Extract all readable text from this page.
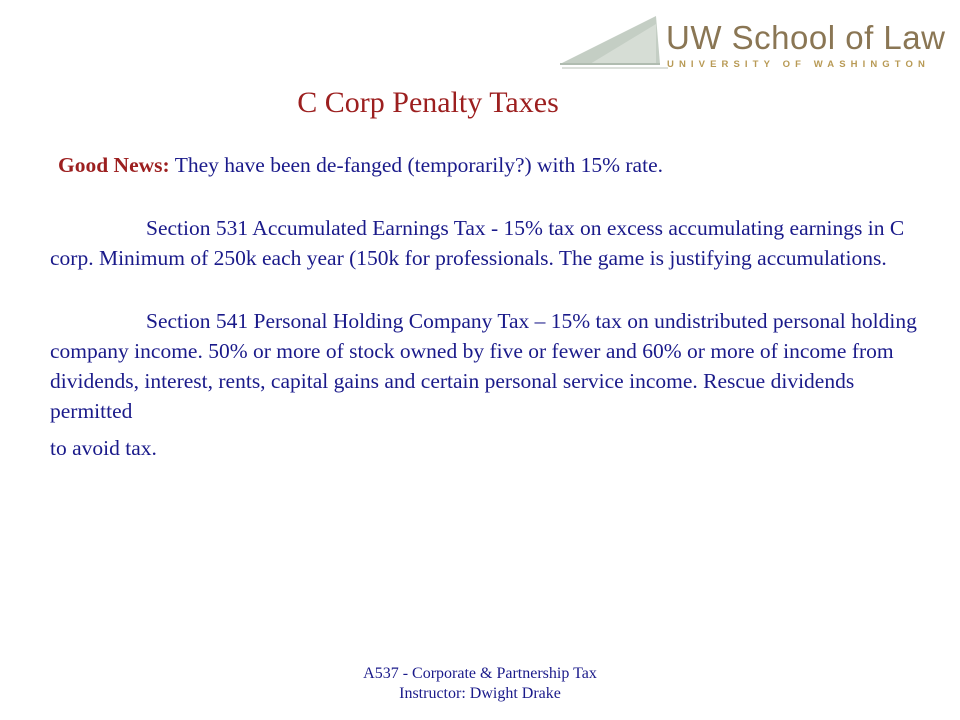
UW School of Law
UNIVERSITY OF WASHINGTON
C Corp Penalty Taxes

Good News: They have been de-fanged (temporarily?) with 15% rate.

Section 531 Accumulated Earnings Tax - 15% tax on excess accumulating earnings in C corp. Minimum of 250k each year (150k for professionals. The game is justifying accumulations.

Section 541 Personal Holding Company Tax – 15% tax on undistributed personal holding company income. 50% or more of stock owned by five or fewer and 60% or more of income from dividends, interest, rents, capital gains and certain personal service income. Rescue dividends permitted
to avoid tax.

A537 - Corporate & Partnership Tax
Instructor: Dwight Drake
